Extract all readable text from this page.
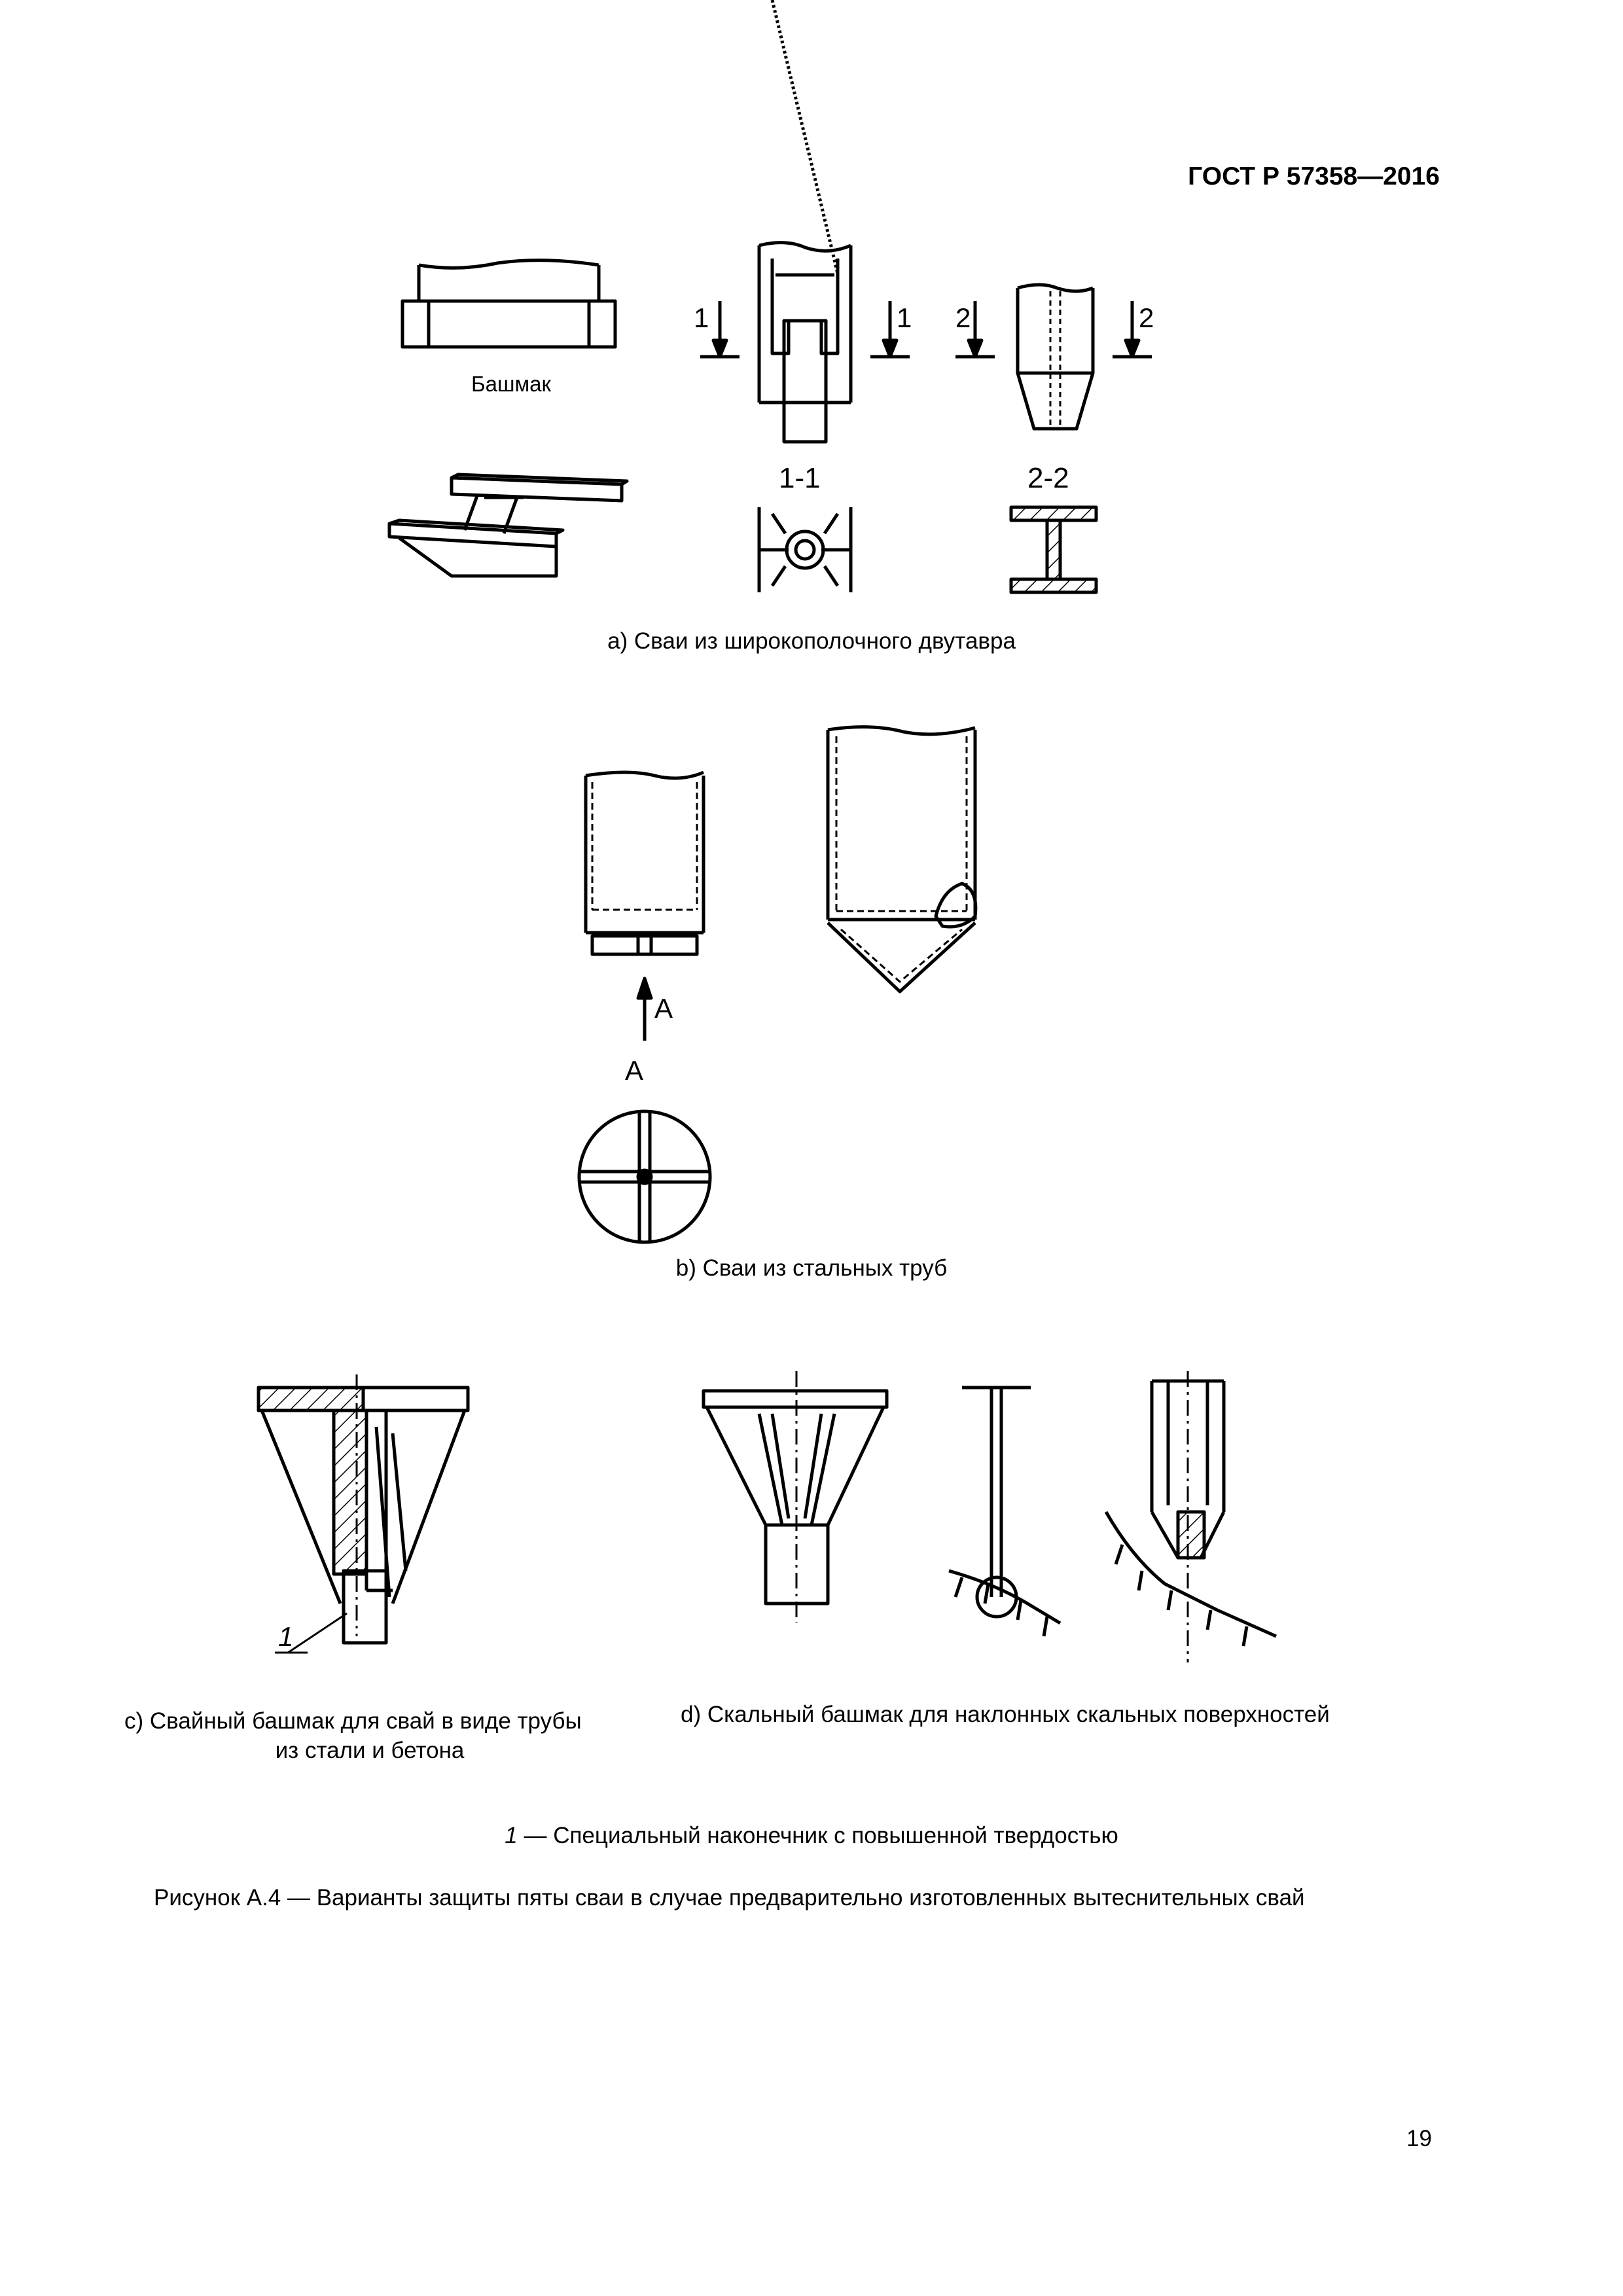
ГОСТ Р 57358—2016
1	1 2	2
1-1	2-2
А
А
1
Башмак
а) Сваи из широкополочного двутавра
b) Сваи из стальных труб
с) Свайный башмак для свай в виде трубы
из стали и бетона
d) Скальный башмак для наклонных скальных поверхностей
1 — Специальный наконечник с повышенной твердостью
Рисунок А.4 — Варианты защиты пяты сваи в случае предварительно изготовленных вытеснительных свай
19
